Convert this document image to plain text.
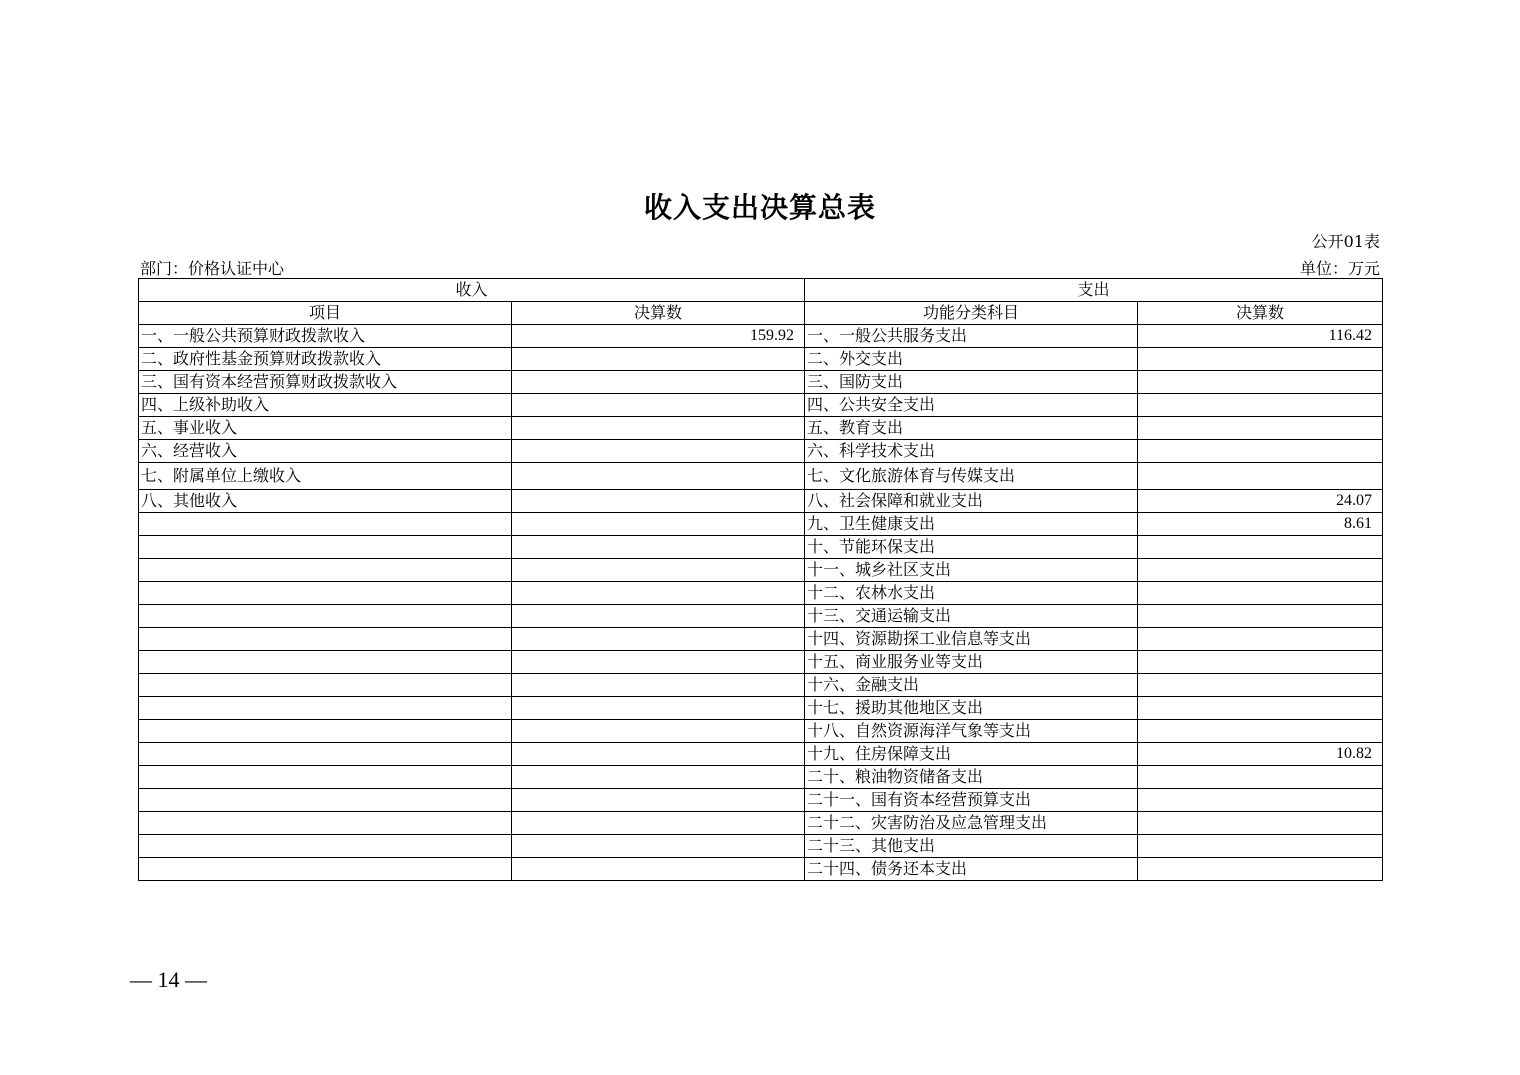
收入支出决算总表
公开01表
部门：价格认证中心	单位：万元
收入		支出	
项目	决算数	功能分类科目	决算数
一、一般公共预算财政拨款收入	159.92	一、一般公共服务支出	116.42
二、政府性基金预算财政拨款收入		二、外交支出	
三、国有资本经营预算财政拨款收入		三、国防支出	
四、上级补助收入		四、公共安全支出	
五、事业收入		五、教育支出	
六、经营收入		六、科学技术支出	
七、附属单位上缴收入		七、文化旅游体育与传媒支出	
八、其他收入		八、社会保障和就业支出	24.07
		九、卫生健康支出	8.61
		十、节能环保支出	
		十一、城乡社区支出	
		十二、农林水支出	
		十三、交通运输支出	
		十四、资源勘探工业信息等支出	
		十五、商业服务业等支出	
		十六、金融支出	
		十七、援助其他地区支出	
		十八、自然资源海洋气象等支出	
		十九、住房保障支出	10.82
		二十、粮油物资储备支出	
		二十一、国有资本经营预算支出	
		二十二、灾害防治及应急管理支出	
		二十三、其他支出	
		二十四、债务还本支出	
— 14 —
